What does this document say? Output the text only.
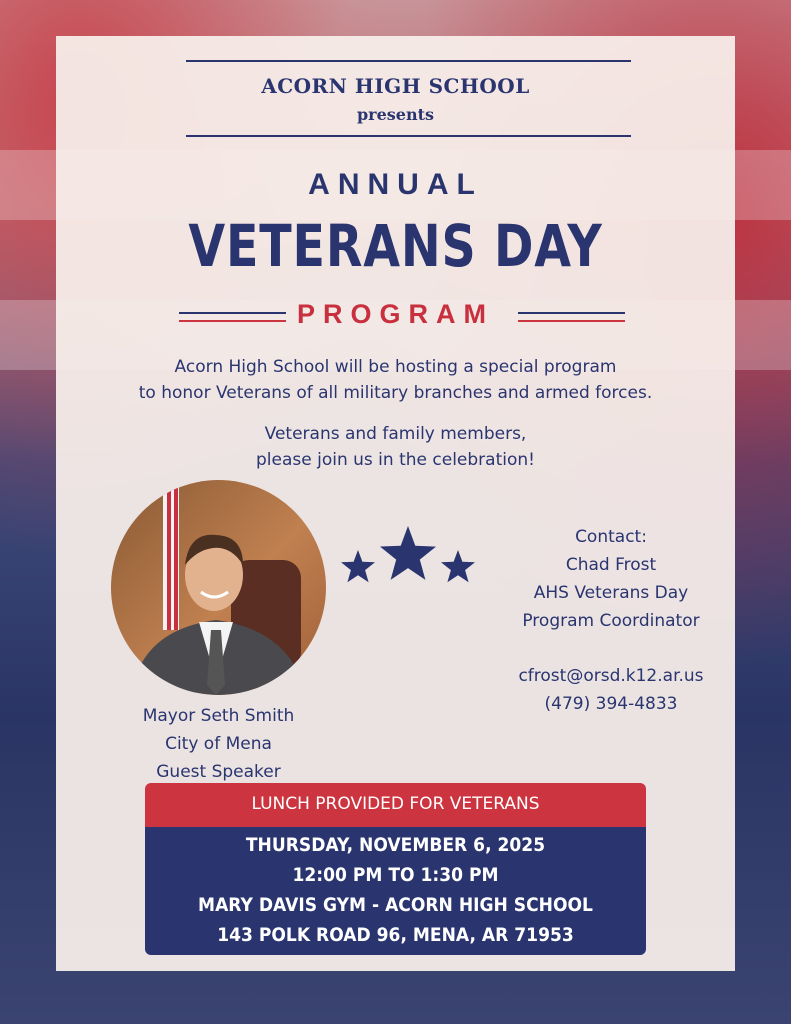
ACORN HIGH SCHOOL
presents
ANNUAL
VETERANS DAY
PROGRAM
Acorn High School will be hosting a special program
to honor Veterans of all military branches and armed forces.
Veterans and family members,
please join us in the celebration!
Mayor Seth Smith
City of Mena
Guest Speaker
Contact:
Chad Frost
AHS Veterans Day
Program Coordinator
cfrost@orsd.k12.ar.us
(479) 394-4833
LUNCH PROVIDED FOR VETERANS
THURSDAY, NOVEMBER 6, 2025
12:00 PM TO 1:30 PM
MARY DAVIS GYM - ACORN HIGH SCHOOL
143 POLK ROAD 96, MENA, AR 71953
